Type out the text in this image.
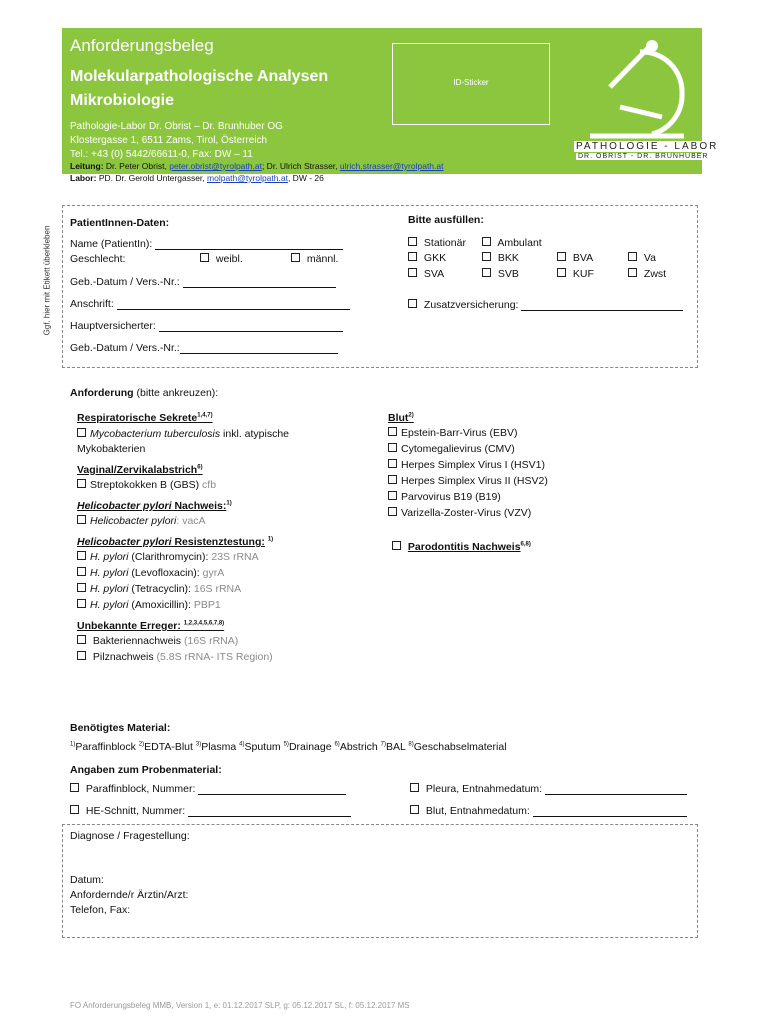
Anforderungsbeleg
Molekularpathologische Analysen
Mikrobiologie
Pathologie-Labor Dr. Obrist – Dr. Brunhuber OG
Klostergasse 1, 6511 Zams, Tirol, Österreich
Tel.: +43 (0) 5442/66611-0, Fax: DW – 11
ID-Sticker
PATHOLOGIE - LABOR
DR. OBRIST - DR. BRUNHUBER
Leitung: Dr. Peter Obrist, peter.obrist@tyrolpath.at; Dr. Ulrich Strasser, ulrich.strasser@tyrolpath.at
Labor: PD. Dr. Gerold Untergasser, molpath@tyrolpath.at, DW - 26
Ggf. hier mit Etikett überkleben
PatientInnen-Daten:
Name (PatientIn):
Geschlecht:	weibl.	männl.
Geb.-Datum / Vers.-Nr.:
Anschrift:
Hauptversicherter:
Geb.-Datum / Vers.-Nr.:
Bitte ausfüllen:
Stationär	Ambulant
GKK	BKK	BVA	Va
SVA	SVB	KUF	Zwst
Zusatzversicherung:
Anforderung (bitte ankreuzen):
Respiratorische Sekrete$^{1,4,7)}$
Mycobacterium tuberculosis inkl. atypische
Mykobakterien
Vaginal/Zervikalabstrich$^{6)}$
Streptokokken B (GBS) cfb
Helicobacter pylori Nachweis:$^{1)}$
Helicobacter pylori: vacA
Helicobacter pylori Resistenztestung: $^{1)}$
H. pylori (Clarithromycin): 23S rRNA
H. pylori (Levofloxacin): gyrA
H. pylori (Tetracyclin): 16S rRNA
H. pylori (Amoxicillin): PBP1
Unbekannte Erreger: $^{1,2,3,4,5,6,7,8)}$
Bakteriennachweis (16S rRNA)
Pilznachweis (5.8S rRNA- ITS Region)
Blut$^{2)}$
Epstein-Barr-Virus (EBV)
Cytomegalievirus (CMV)
Herpes Simplex Virus I (HSV1)
Herpes Simplex Virus II (HSV2)
Parvovirus B19 (B19)
Varizella-Zoster-Virus (VZV)
Parodontitis Nachweis$^{6,8)}$
Benötigtes Material:
$^{1)}$Paraffinblock $^{2)}$EDTA-Blut $^{3)}$Plasma $^{4)}$Sputum $^{5)}$Drainage $^{6)}$Abstrich $^{7)}$BAL $^{8)}$Geschabselmaterial
Angaben zum Probenmaterial:
Paraffinblock, Nummer:
HE-Schnitt, Nummer:
Pleura, Entnahmedatum:
Blut, Entnahmedatum:
Diagnose / Fragestellung:
Datum:
Anfordernde/r Ärztin/Arzt:
Telefon, Fax:
FO Anforderungsbeleg MMB, Version 1, e: 01.12.2017 SLP, g: 05.12.2017 SL, f: 05.12.2017 MS
